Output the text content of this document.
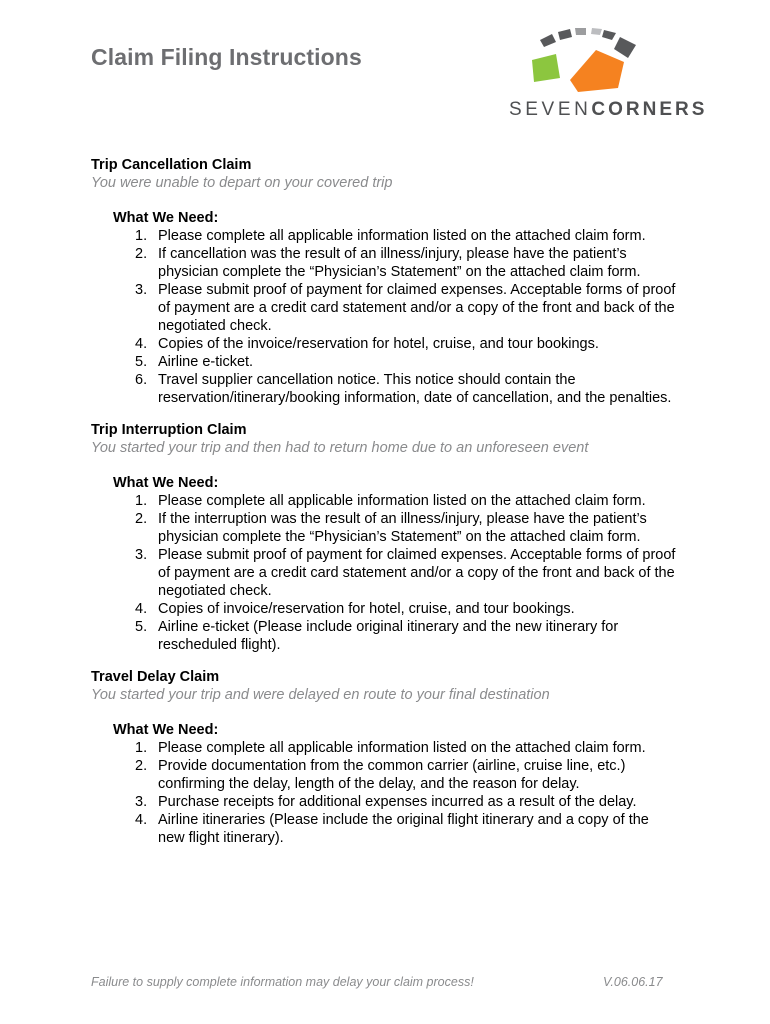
Claim Filing Instructions
SEVENCORNERS

Trip Cancellation Claim

You were unable to depart on your covered trip

What We Need:

1. Please complete all applicable information listed on the attached claim form.
2. If cancellation was the result of an illness/injury, please have the patient’s physician complete the “Physician’s Statement” on the attached claim form.
3. Please submit proof of payment for claimed expenses. Acceptable forms of proof of payment are a credit card statement and/or a copy of the front and back of the negotiated check.
4. Copies of the invoice/reservation for hotel, cruise, and tour bookings.
5. Airline e-ticket.
6. Travel supplier cancellation notice. This notice should contain the reservation/itinerary/booking information, date of cancellation, and the penalties.

Trip Interruption Claim

You started your trip and then had to return home due to an unforeseen event

What We Need:

1. Please complete all applicable information listed on the attached claim form.
2. If the interruption was the result of an illness/injury, please have the patient’s physician complete the “Physician’s Statement” on the attached claim form.
3. Please submit proof of payment for claimed expenses. Acceptable forms of proof of payment are a credit card statement and/or a copy of the front and back of the negotiated check.
4. Copies of invoice/reservation for hotel, cruise, and tour bookings.
5. Airline e-ticket (Please include original itinerary and the new itinerary for rescheduled flight).

Travel Delay Claim

You started your trip and were delayed en route to your final destination

What We Need:

1. Please complete all applicable information listed on the attached claim form.
2. Provide documentation from the common carrier (airline, cruise line, etc.) confirming the delay, length of the delay, and the reason for delay.
3. Purchase receipts for additional expenses incurred as a result of the delay.
4. Airline itineraries (Please include the original flight itinerary and a copy of the new flight itinerary).
Failure to supply complete information may delay your claim process!	V.06.06.17
